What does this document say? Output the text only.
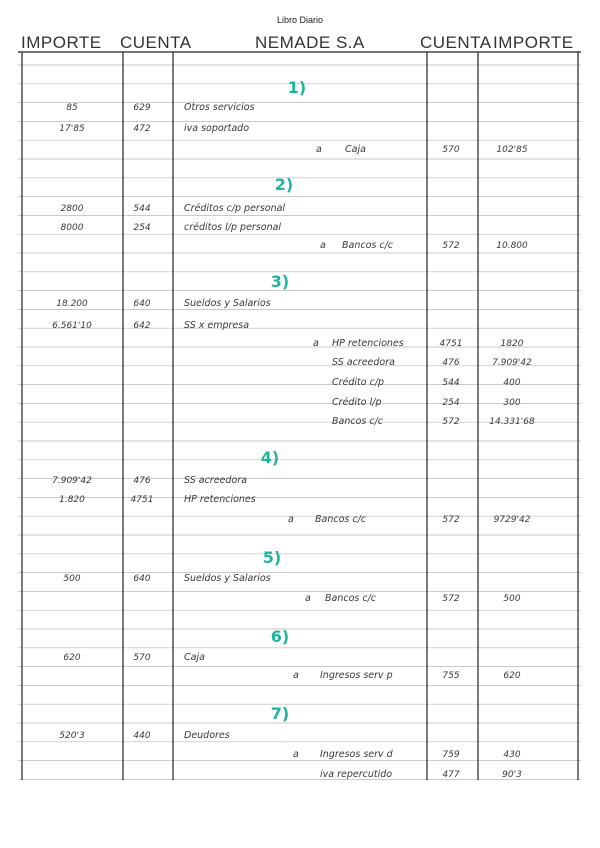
Libro Diario
IMPORTE CUENTA	NEMADE S.A	CUENTA IMPORTE
1)
85	629	Otros servicios
17'85	472	iva soportado
a Caja	570	102'85
2)
2800	544	Créditos c/p personal
8000	254	créditos l/p personal
a Bancos c/c	572	10.800
3)
18.200	640	Sueldos y Salarios
6.561'10	642	SS x empresa
a HP retenciones	4751	1820
SS acreedora	476	7.909'42
Crédito c/p	544	400
Crédito l/p	254	300
Bancos c/c	572	14.331'68
4)
7.909'42	476	SS acreedora
1.820	4751	HP retenciones
a Bancos c/c	572	9729'42
5)
500	640	Sueldos y Salarios
a Bancos c/c	572	500
6)
620	570	Caja
a Ingresos serv p	755	620
7)
520'3	440	Deudores
a Ingresos serv d	759	430
iva repercutido	477	90'3
